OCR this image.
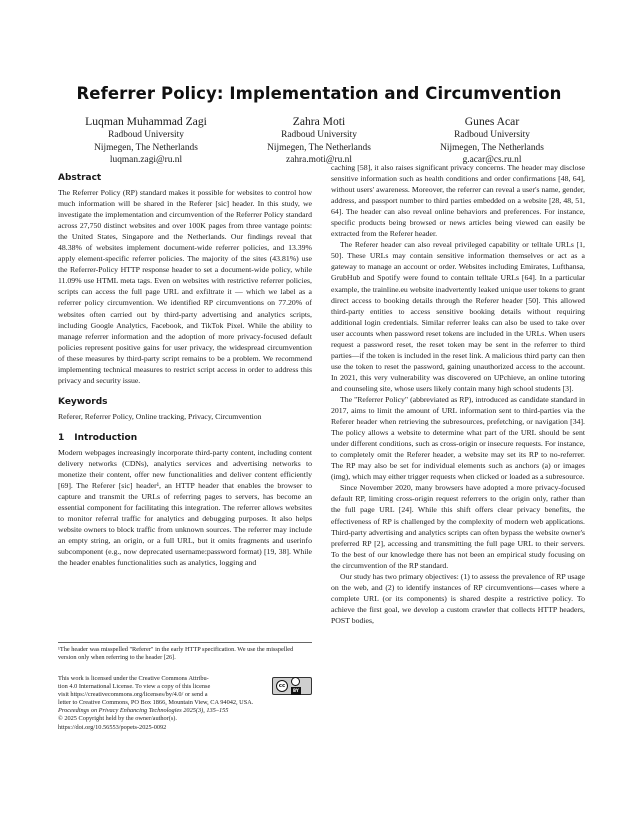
Referrer Policy: Implementation and Circumvention
Luqman Muhammad Zagi
Radboud University
Nijmegen, The Netherlands
luqman.zagi@ru.nl
Zahra Moti
Radboud University
Nijmegen, The Netherlands
zahra.moti@ru.nl
Gunes Acar
Radboud University
Nijmegen, The Netherlands
g.acar@cs.ru.nl
Abstract

The Referrer Policy (RP) standard makes it possible for websites to control how much information will be shared in the Referer [sic] header. In this study, we investigate the implementation and circumvention of the Referrer Policy standard across 27,750 distinct websites and over 100K pages from three vantage points: the United States, Singapore and the Netherlands. Our findings reveal that 48.38% of websites implement document-wide referrer policies, and 13.39% apply element-specific referrer policies. The majority of the sites (43.81%) use the Referrer-Policy HTTP response header to set a document-wide policy, while 11.09% use HTML meta tags. Even on websites with restrictive referrer policies, scripts can access the full page URL and exfiltrate it — which we label as a referrer policy circumvention. We identified RP circumventions on 77.20% of websites often carried out by third-party advertising and analytics scripts, including Google Analytics, Facebook, and TikTok Pixel. While the ability to manage referrer information and the adoption of more privacy-focused default policies represent positive gains for user privacy, the widespread circumvention of these measures by third-party script remains to be a problem. We recommend implementing technical measures to restrict script access in order to address this privacy and security issue.

Keywords

Referer, Referrer Policy, Online tracking, Privacy, Circumvention

1 Introduction

Modern webpages increasingly incorporate third-party content, including content delivery networks (CDNs), analytics services and advertising networks to monetize their content, offer new functionalities and deliver content efficiently [69]. The Referer [sic] header¹, an HTTP header that enables the browser to capture and transmit the URLs of referring pages to servers, has become an essential component for facilitating this integration. The referrer allows websites to monitor referral traffic for analytics and debugging purposes. It also helps website owners to block traffic from unknown sources. The referrer may include an empty string, an origin, or a full URL, but it omits fragments and userinfo subcomponent (e.g., now deprecated username:password format) [19, 38]. While the header enables functionalities such as analytics, logging and

¹The header was misspelled "Referer" in the early HTTP specification. We use the misspelled version only when referring to the header [26].
This work is licensed under the Creative Commons Attribu-
tion 4.0 International License. To view a copy of this license
visit https://creativecommons.org/licenses/by/4.0/ or send a
letter to Creative Commons, PO Box 1866, Mountain View, CA 94042, USA.
Proceedings on Privacy Enhancing Technologies 2025(3), 135–155
© 2025 Copyright held by the owner/author(s).
https://doi.org/10.56553/popets-2025-0092
cc
BY

caching [58], it also raises significant privacy concerns. The header may disclose sensitive information such as health conditions and order confirmations [48, 64], without users' awareness. Moreover, the referrer can reveal a user's name, gender, address, and passport number to third parties embedded on a website [28, 48, 51, 64]. The header can also reveal online behaviors and preferences. For instance, specific products being browsed or news articles being viewed can easily be extracted from the Referer header.

The Referer header can also reveal privileged capability or telltale URLs [1, 50]. These URLs may contain sensitive information themselves or act as a gateway to manage an account or order. Websites including Emirates, Lufthansa, GrubHub and Spotify were found to contain telltale URLs [64]. In a particular example, the trainline.eu website inadvertently leaked unique user tokens to grant direct access to booking details through the Referer header [50]. This allowed third-party entities to access sensitive booking details without requiring additional login credentials. Similar referrer leaks can also be used to take over user accounts when password reset tokens are included in the URLs. When users request a password reset, the reset token may be sent in the referrer to third parties—if the token is included in the reset link. A malicious third party can then use the token to reset the password, gaining unauthorized access to the account. In 2021, this very vulnerability was discovered on UPchieve, an online tutoring and counseling site, whose users likely contain many high school students [3].

The "Referrer Policy" (abbreviated as RP), introduced as candidate standard in 2017, aims to limit the amount of URL information sent to third-parties via the Referer header when retrieving the subresources, prefetching, or navigation [34]. The policy allows a website to determine what part of the URL should be sent under different conditions, such as cross-origin or insecure requests. For instance, to completely omit the Referer header, a website may set its RP to no-referrer. The RP may also be set for individual elements such as anchors (a) or images (img), which may either trigger requests when clicked or loaded as a subresource.

Since November 2020, many browsers have adopted a more privacy-focused default RP, limiting cross-origin request referrers to the origin only, rather than the full page URL [24]. While this shift offers clear privacy benefits, the effectiveness of RP is challenged by the complexity of modern web applications. Third-party advertising and analytics scripts can often bypass the website owner's preferred RP [2], accessing and transmitting the full page URL to their servers. To the best of our knowledge there has not been an empirical study focusing on the circumvention of the RP standard.

Our study has two primary objectives: (1) to assess the prevalence of RP usage on the web, and (2) to identify instances of RP circumventions—cases where a complete URL (or its components) is shared despite a restrictive policy. To achieve the first goal, we develop a custom crawler that collects HTTP headers, POST bodies,
